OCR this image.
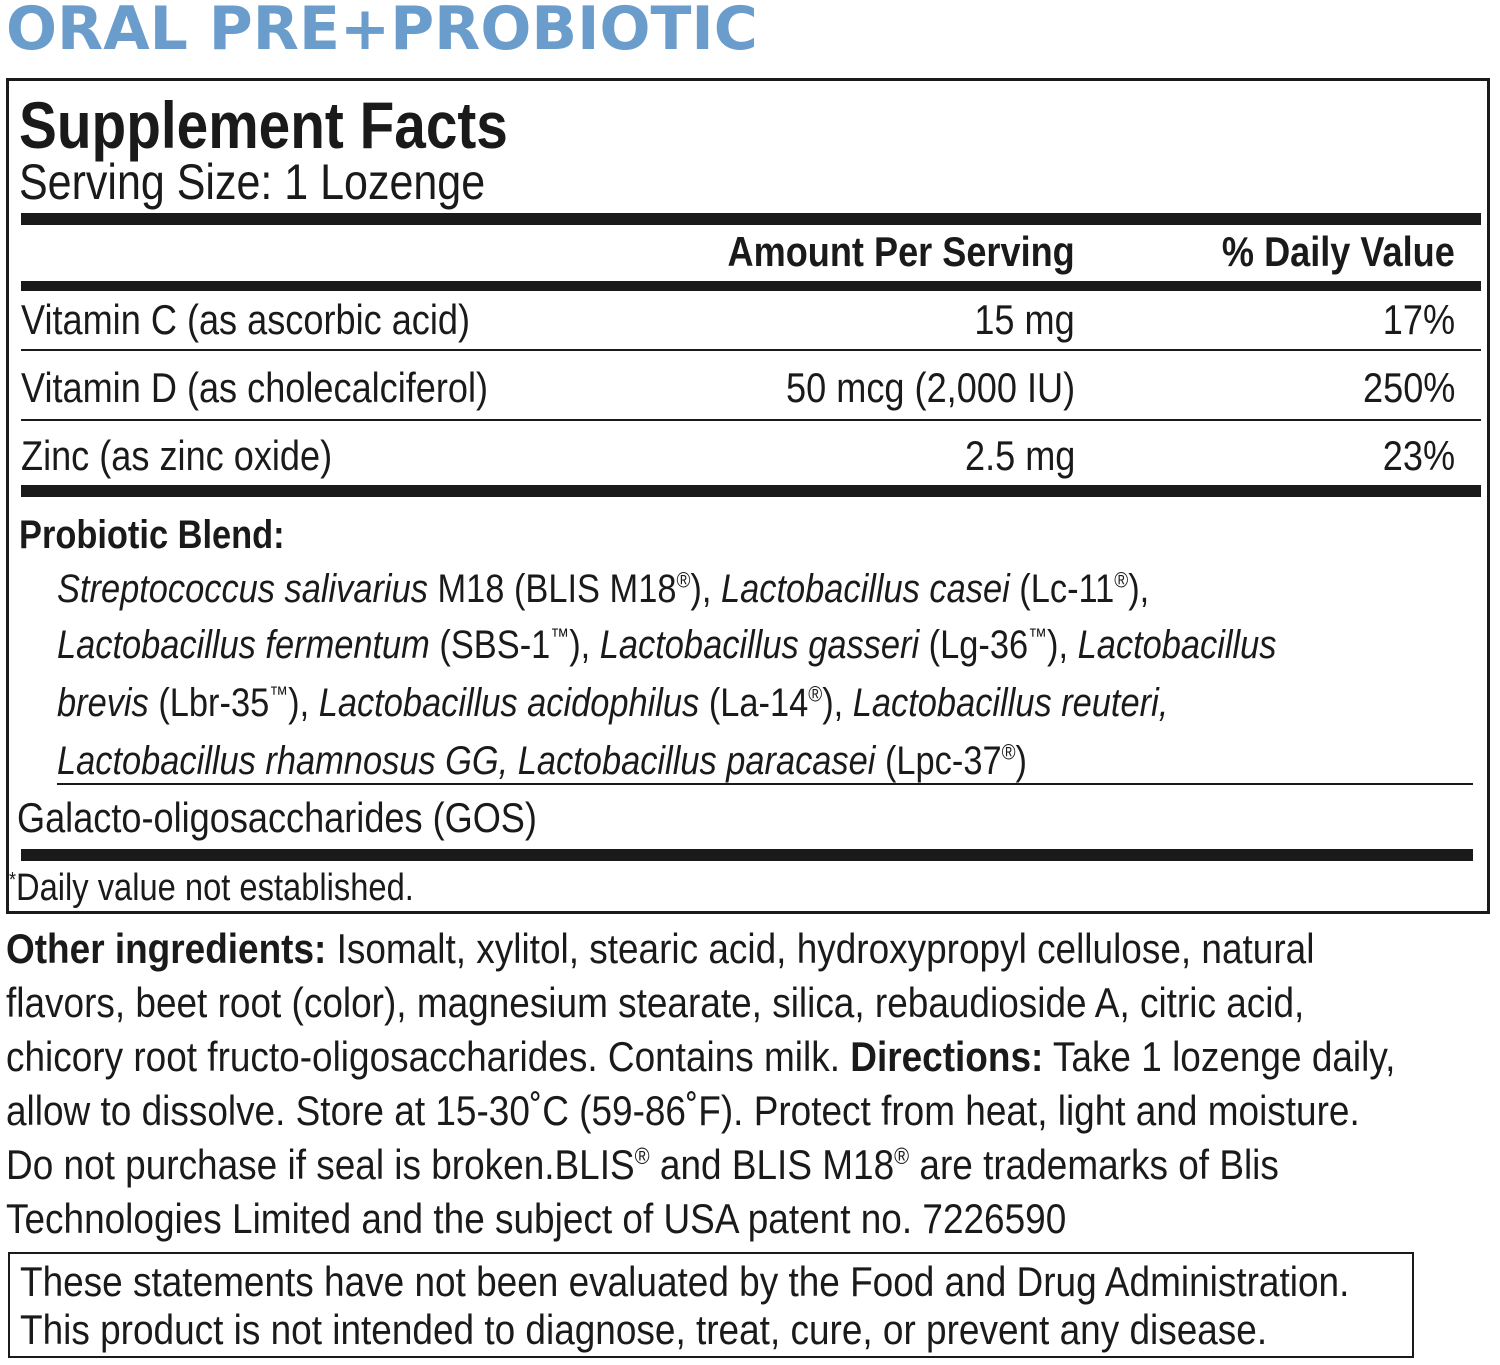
ORAL PRE+PROBIOTIC
Supplement Facts
Serving Size: 1 Lozenge
Amount Per Serving	% Daily Value
Vitamin C (as ascorbic acid)	15 mg	17%
Vitamin D (as cholecalciferol)	50 mcg (2,000 IU)	250%
Zinc (as zinc oxide)	2.5 mg	23%
Probiotic Blend:
Streptococcus salivarius M18 (BLIS M18®), Lactobacillus casei (Lc-11®),
Lactobacillus fermentum (SBS-1™), Lactobacillus gasseri (Lg-36™), Lactobacillus
brevis (Lbr-35™), Lactobacillus acidophilus (La-14®), Lactobacillus reuteri,
Lactobacillus rhamnosus GG, Lactobacillus paracasei (Lpc-37®)
Galacto-oligosaccharides (GOS)
*Daily value not established.
Other ingredients: Isomalt, xylitol, stearic acid, hydroxypropyl cellulose, natural
flavors, beet root (color), magnesium stearate, silica, rebaudioside A, citric acid,
chicory root fructo-oligosaccharides. Contains milk. Directions: Take 1 lozenge daily,
allow to dissolve. Store at 15-30˚C (59-86˚F). Protect from heat, light and moisture.
Do not purchase if seal is broken.BLIS® and BLIS M18® are trademarks of Blis
Technologies Limited and the subject of USA patent no. 7226590
These statements have not been evaluated by the Food and Drug Administration.
This product is not intended to diagnose, treat, cure, or prevent any disease.
